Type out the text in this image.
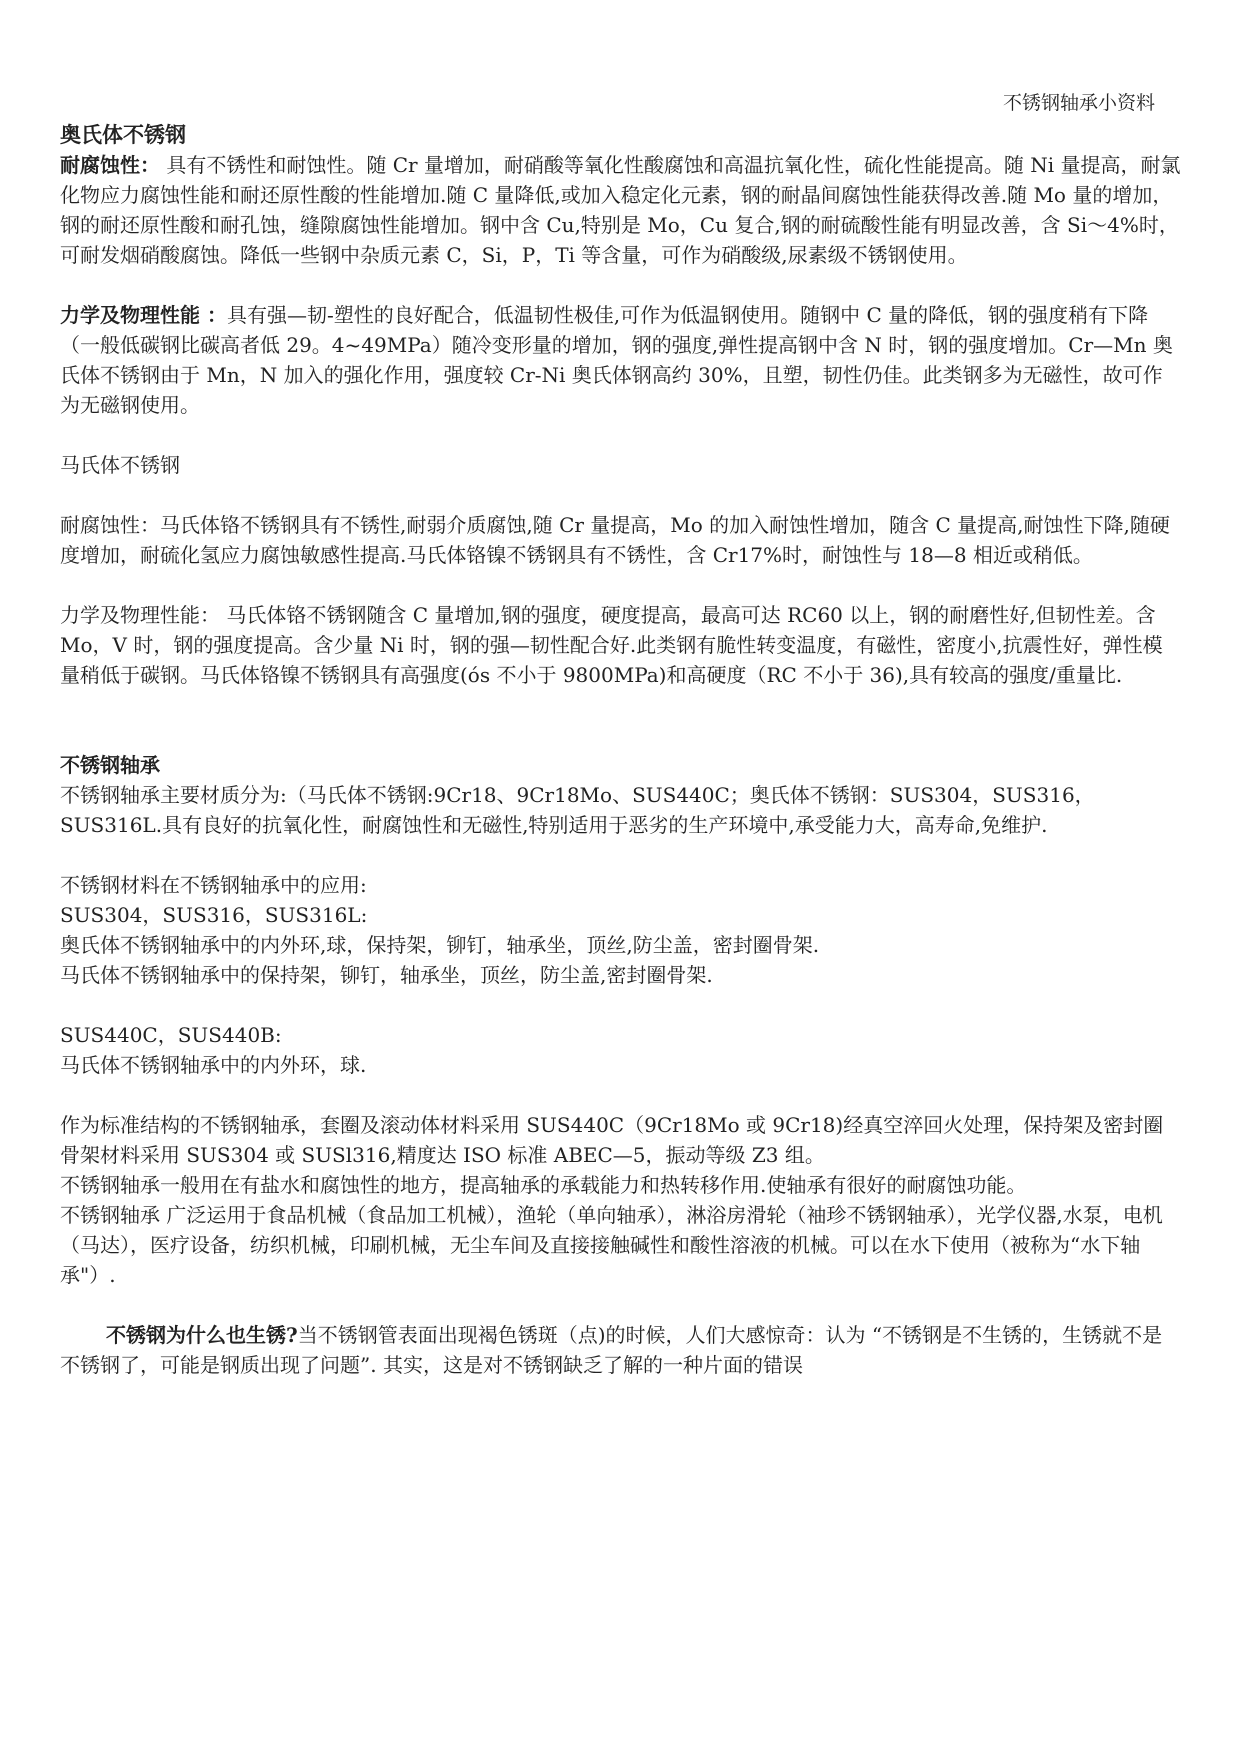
不锈钢轴承小资料

奥氏体不锈钢

耐腐蚀性： 具有不锈性和耐蚀性。随 Cr 量增加，耐硝酸等氧化性酸腐蚀和高温抗氧化性，硫化性能提高。随 Ni 量提高，耐氯化物应力腐蚀性能和耐还原性酸的性能增加.随 C 量降低,或加入稳定化元素，钢的耐晶间腐蚀性能获得改善.随 Mo 量的增加，钢的耐还原性酸和耐孔蚀，缝隙腐蚀性能增加。钢中含 Cu,特别是 Mo，Cu 复合,钢的耐硫酸性能有明显改善，含 Si～4%时，可耐发烟硝酸腐蚀。降低一些钢中杂质元素 C，Si，P，Ti 等含量，可作为硝酸级,尿素级不锈钢使用。

力学及物理性能 ：具有强—韧-塑性的良好配合，低温韧性极佳,可作为低温钢使用。随钢中 C 量的降低，钢的强度稍有下降（一般低碳钢比碳高者低 29。4~49MPa）随冷变形量的增加，钢的强度,弹性提高钢中含 N 时，钢的强度增加。Cr—Mn 奥氏体不锈钢由于 Mn，N 加入的强化作用，强度较 Cr-Ni 奥氏体钢高约 30%，且塑，韧性仍佳。此类钢多为无磁性，故可作为无磁钢使用。

马氏体不锈钢

耐腐蚀性：马氏体铬不锈钢具有不锈性,耐弱介质腐蚀,随 Cr 量提高，Mo 的加入耐蚀性增加，随含 C 量提高,耐蚀性下降,随硬度增加，耐硫化氢应力腐蚀敏感性提高.马氏体铬镍不锈钢具有不锈性，含 Cr17%时，耐蚀性与 18—8 相近或稍低。

力学及物理性能： 马氏体铬不锈钢随含 C 量增加,钢的强度，硬度提高，最高可达 RC60 以上，钢的耐磨性好,但韧性差。含 Mo，V 时，钢的强度提高。含少量 Ni 时，钢的强—韧性配合好.此类钢有脆性转变温度，有磁性，密度小,抗震性好，弹性模量稍低于碳钢。马氏体铬镍不锈钢具有高强度(ós 不小于 9800MPa)和高硬度（RC 不小于 36),具有较高的强度/重量比.

不锈钢轴承

不锈钢轴承主要材质分为:（马氏体不锈钢:9Cr18、9Cr18Mo、SUS440C；奥氏体不锈钢：SUS304，SUS316，SUS316L.具有良好的抗氧化性，耐腐蚀性和无磁性,特别适用于恶劣的生产环境中,承受能力大，高寿命,免维护.

不锈钢材料在不锈钢轴承中的应用:

SUS304，SUS316，SUS316L:

奥氏体不锈钢轴承中的内外环,球，保持架，铆钉，轴承坐，顶丝,防尘盖，密封圈骨架.

马氏体不锈钢轴承中的保持架，铆钉，轴承坐，顶丝，防尘盖,密封圈骨架.

SUS440C，SUS440B:

马氏体不锈钢轴承中的内外环，球.

作为标准结构的不锈钢轴承，套圈及滚动体材料采用 SUS440C（9Cr18Mo 或 9Cr18)经真空淬回火处理，保持架及密封圈骨架材料采用 SUS304 或 SUSl316,精度达 ISO 标准 ABEC—5，振动等级 Z3 组。

不锈钢轴承一般用在有盐水和腐蚀性的地方，提高轴承的承载能力和热转移作用.使轴承有很好的耐腐蚀功能。

不锈钢轴承 广泛运用于食品机械（食品加工机械），渔轮（单向轴承），淋浴房滑轮（袖珍不锈钢轴承），光学仪器,水泵，电机（马达），医疗设备，纺织机械，印刷机械，无尘车间及直接接触碱性和酸性溶液的机械。可以在水下使用（被称为“水下轴承"）.

不锈钢为什么也生锈?当不锈钢管表面出现褐色锈斑（点)的时候，人们大感惊奇：认为 “不锈钢是不生锈的，生锈就不是不锈钢了，可能是钢质出现了问题”. 其实，这是对不锈钢缺乏了解的一种片面的错误
